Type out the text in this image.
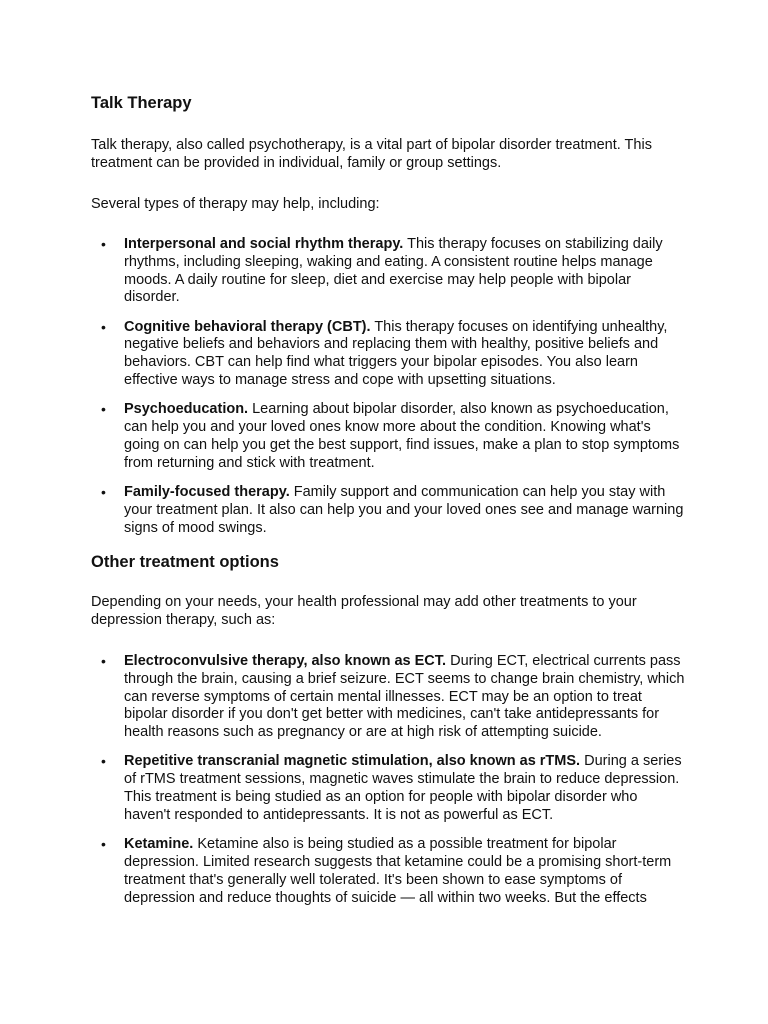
Talk Therapy

Talk therapy, also called psychotherapy, is a vital part of bipolar disorder treatment. This treatment can be provided in individual, family or group settings.

Several types of therapy may help, including:

• Interpersonal and social rhythm therapy. This therapy focuses on stabilizing daily rhythms, including sleeping, waking and eating. A consistent routine helps manage moods. A daily routine for sleep, diet and exercise may help people with bipolar disorder.
• Cognitive behavioral therapy (CBT). This therapy focuses on identifying unhealthy, negative beliefs and behaviors and replacing them with healthy, positive beliefs and behaviors. CBT can help find what triggers your bipolar episodes. You also learn effective ways to manage stress and cope with upsetting situations.
• Psychoeducation. Learning about bipolar disorder, also known as psychoeducation, can help you and your loved ones know more about the condition. Knowing what's going on can help you get the best support, find issues, make a plan to stop symptoms from returning and stick with treatment.
• Family-focused therapy. Family support and communication can help you stay with your treatment plan. It also can help you and your loved ones see and manage warning signs of mood swings.
Other treatment options

Depending on your needs, your health professional may add other treatments to your depression therapy, such as:

• Electroconvulsive therapy, also known as ECT. During ECT, electrical currents pass through the brain, causing a brief seizure. ECT seems to change brain chemistry, which can reverse symptoms of certain mental illnesses. ECT may be an option to treat bipolar disorder if you don't get better with medicines, can't take antidepressants for health reasons such as pregnancy or are at high risk of attempting suicide.
• Repetitive transcranial magnetic stimulation, also known as rTMS. During a series of rTMS treatment sessions, magnetic waves stimulate the brain to reduce depression. This treatment is being studied as an option for people with bipolar disorder who haven't responded to antidepressants. It is not as powerful as ECT.
• Ketamine. Ketamine also is being studied as a possible treatment for bipolar depression. Limited research suggests that ketamine could be a promising short-term treatment that's generally well tolerated. It's been shown to ease symptoms of depression and reduce thoughts of suicide — all within two weeks. But the effects
